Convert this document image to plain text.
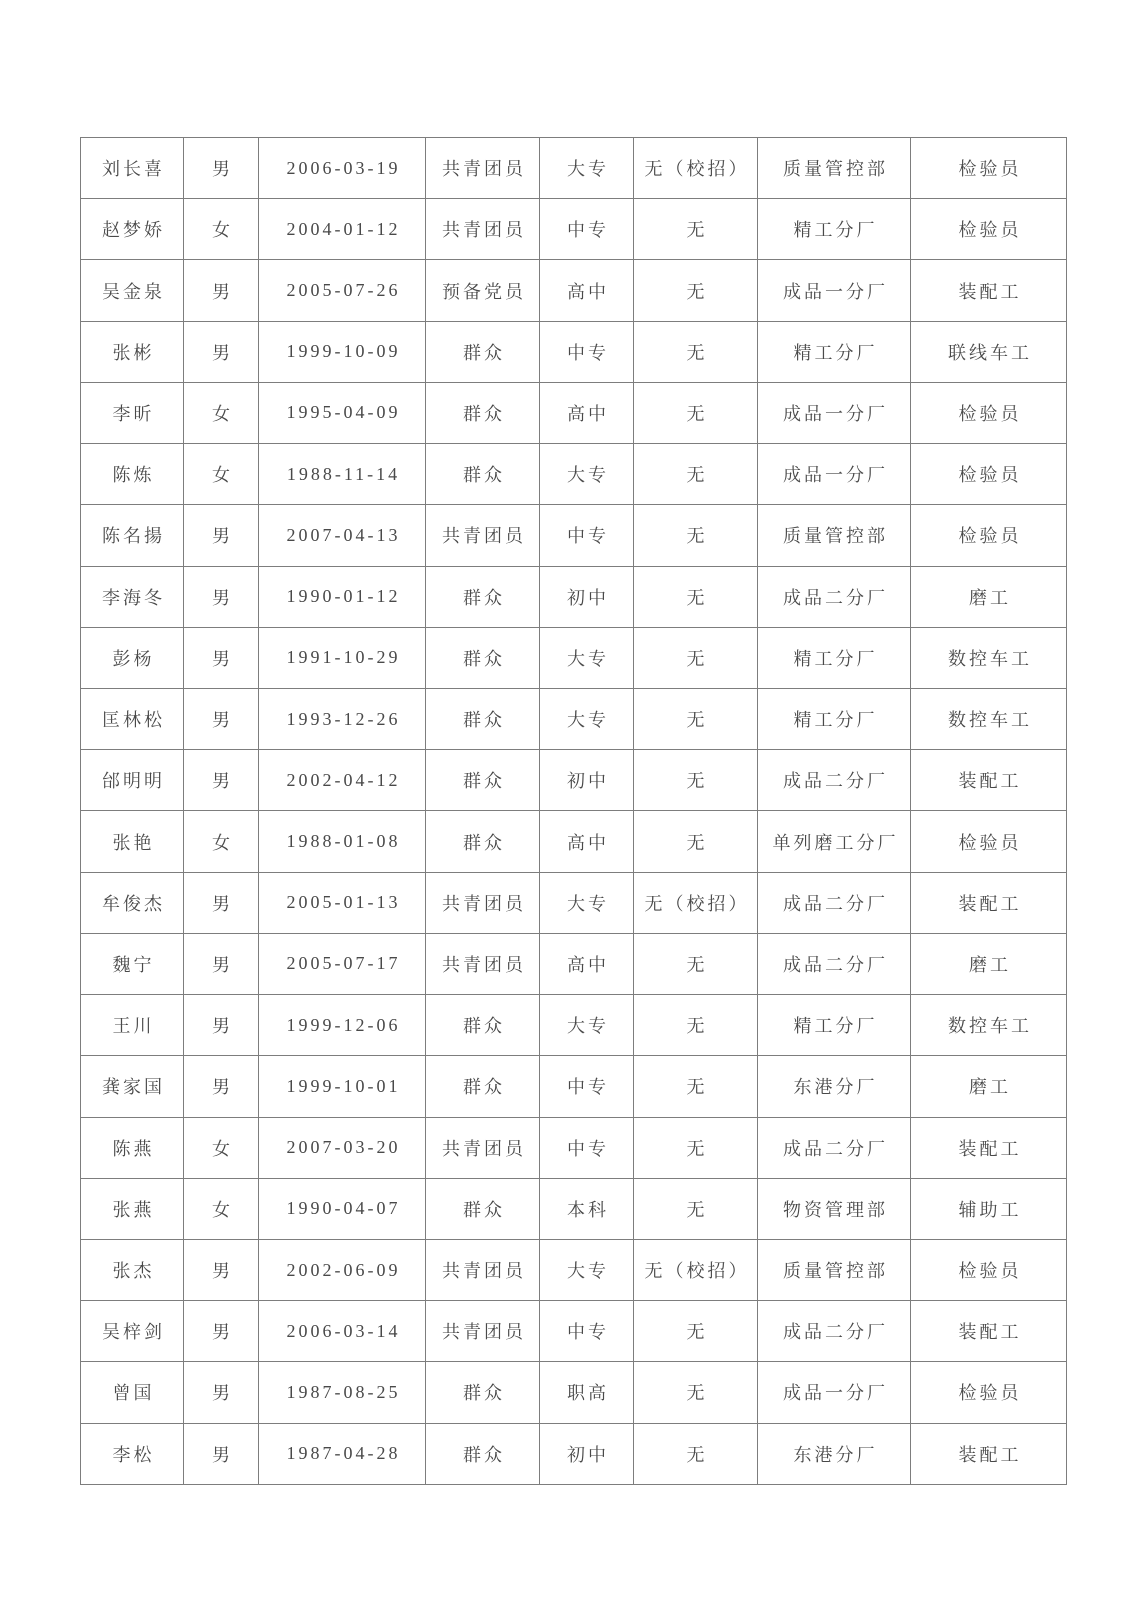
刘长喜	男	2006-03-19	共青团员	大专	无（校招）	质量管控部	检验员
赵梦娇	女	2004-01-12	共青团员	中专	无	精工分厂	检验员
吴金泉	男	2005-07-26	预备党员	高中	无	成品一分厂	装配工
张彬	男	1999-10-09	群众	中专	无	精工分厂	联线车工
李昕	女	1995-04-09	群众	高中	无	成品一分厂	检验员
陈炼	女	1988-11-14	群众	大专	无	成品一分厂	检验员
陈名揚	男	2007-04-13	共青团员	中专	无	质量管控部	检验员
李海冬	男	1990-01-12	群众	初中	无	成品二分厂	磨工
彭杨	男	1991-10-29	群众	大专	无	精工分厂	数控车工
匡林松	男	1993-12-26	群众	大专	无	精工分厂	数控车工
邰明明	男	2002-04-12	群众	初中	无	成品二分厂	装配工
张艳	女	1988-01-08	群众	高中	无	单列磨工分厂	检验员
牟俊杰	男	2005-01-13	共青团员	大专	无（校招）	成品二分厂	装配工
魏宁	男	2005-07-17	共青团员	高中	无	成品二分厂	磨工
王川	男	1999-12-06	群众	大专	无	精工分厂	数控车工
龚家国	男	1999-10-01	群众	中专	无	东港分厂	磨工
陈燕	女	2007-03-20	共青团员	中专	无	成品二分厂	装配工
张燕	女	1990-04-07	群众	本科	无	物资管理部	辅助工
张杰	男	2002-06-09	共青团员	大专	无（校招）	质量管控部	检验员
吴梓剑	男	2006-03-14	共青团员	中专	无	成品二分厂	装配工
曾国	男	1987-08-25	群众	职高	无	成品一分厂	检验员
李松	男	1987-04-28	群众	初中	无	东港分厂	装配工
